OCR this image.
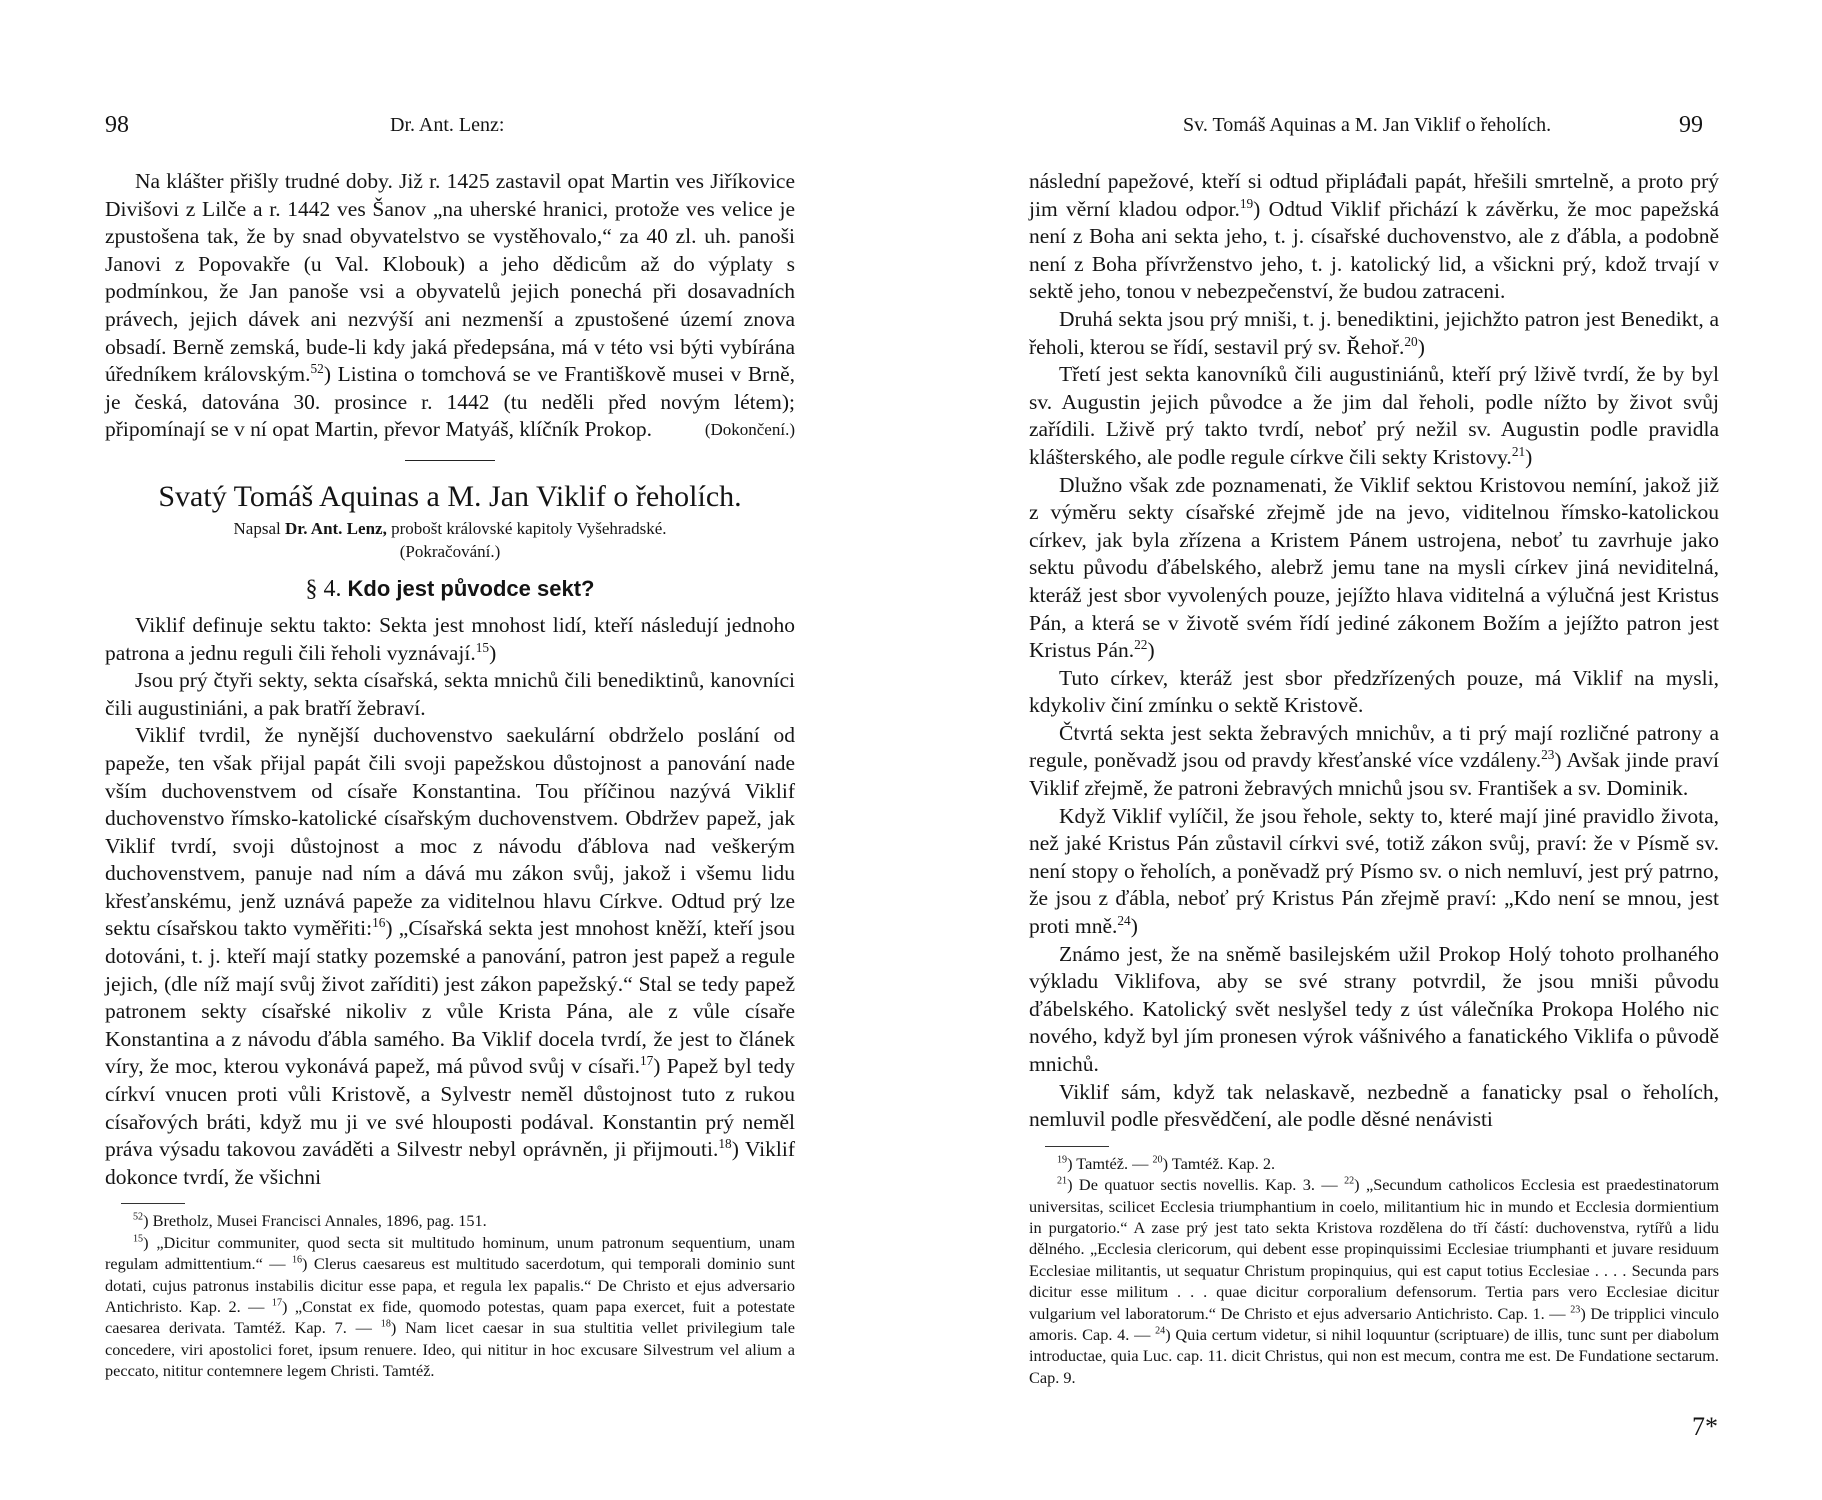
98	Dr. Ant. Lenz:

Na klášter přišly trudné doby. Již r. 1425 zastavil opat Martin ves Jiříkovice Divišovi z Lilče a r. 1442 ves Šanov „na uherské hranici, protože ves velice je zpustošena tak, že by snad obyvatelstvo se vystěhovalo,“ za 40 zl. uh. panoši Janovi z Popovakře (u Val. Klobouk) a jeho dědicům až do výplaty s podmínkou, že Jan panoše vsi a obyvatelů jejich ponechá při dosavadních právech, jejich dávek ani nezvýší ani nezmenší a zpustošené území znova obsadí. Berně zemská, bude-li kdy jaká předepsána, má v této vsi býti vybírána úředníkem královským.$^{52}$) Listina o tomchová se ve Františkově musei v Brně, je česká, datována 30. prosince r. 1442 (tu neděli před novým létem); připomínají se v ní opat Martin, převor Matyáš, klíčník Prokop.	(Dokončení.)

Svatý Tomáš Aquinas a M. Jan Viklif o řeholích.
Napsal Dr. Ant. Lenz, probošt královské kapitoly Vyšehradské.
(Pokračování.)
§ 4. Kdo jest původce sekt?

Viklif definuje sektu takto: Sekta jest mnohost lidí, kteří následují jednoho patrona a jednu reguli čili řeholi vyznávají.$^{15}$)

Jsou prý čtyři sekty, sekta císařská, sekta mnichů čili benediktinů, kanovníci čili augustiniáni, a pak bratří žebraví.

Viklif tvrdil, že nynější duchovenstvo saekulární obdrželo poslání od papeže, ten však přijal papát čili svoji papežskou důstojnost a panování nade vším duchovenstvem od císaře Konstantina. Tou příčinou nazývá Viklif duchovenstvo římsko-katolické císařským duchovenstvem. Obdržev papež, jak Viklif tvrdí, svoji důstojnost a moc z návodu ďáblova nad veškerým duchovenstvem, panuje nad ním a dává mu zákon svůj, jakož i všemu lidu křesťanskému, jenž uznává papeže za viditelnou hlavu Církve. Odtud prý lze sektu císařskou takto vyměřiti:$^{16}$) „Císařská sekta jest mnohost kněží, kteří jsou dotováni, t. j. kteří mají statky pozemské a panování, patron jest papež a regule jejich, (dle níž mají svůj život zaříditi) jest zákon papežský.“ Stal se tedy papež patronem sekty císařské nikoliv z vůle Krista Pána, ale z vůle císaře Konstantina a z návodu ďábla samého. Ba Viklif docela tvrdí, že jest to článek víry, že moc, kterou vykonává papež, má původ svůj v císaři.$^{17}$) Papež byl tedy církví vnucen proti vůli Kristově, a Sylvestr neměl důstojnost tuto z rukou císařových bráti, když mu ji ve své hlouposti podával. Konstantin prý neměl práva výsadu takovou zaváděti a Silvestr nebyl oprávněn, ji přijmouti.$^{18}$) Viklif dokonce tvrdí, že všichni

$^{52}$) Bretholz, Musei Francisci Annales, 1896, pag. 151.

$^{15}$) „Dicitur communiter, quod secta sit multitudo hominum, unum patronum sequentium, unam regulam admittentium.“ — $^{16}$) Clerus caesareus est multitudo sacerdotum, qui temporali dominio sunt dotati, cujus patronus instabilis dicitur esse papa, et regula lex papalis.“ De Christo et ejus adversario Antichristo. Kap. 2. — $^{17}$) „Constat ex fide, quomodo potestas, quam papa exercet, fuit a potestate caesarea derivata. Tamtéž. Kap. 7. — $^{18}$) Nam licet caesar in sua stultitia vellet privilegium tale concedere, viri apostolici foret, ipsum renuere. Ideo, qui nititur in hoc excusare Silvestrum vel alium a peccato, nititur contemnere legem Christi. Tamtéž.

Sv. Tomáš Aquinas a M. Jan Viklif o řeholích.	99

následní papežové, kteří si odtud připláđali papát, hřešili smrtelně, a proto prý jim věrní kladou odpor.$^{19}$) Odtud Viklif přichází k závěrku, že moc papežská není z Boha ani sekta jeho, t. j. císařské duchovenstvo, ale z ďábla, a podobně není z Boha přívrženstvo jeho, t. j. katolický lid, a všickni prý, kdož trvají v sektě jeho, tonou v nebezpečenství, že budou zatraceni.

Druhá sekta jsou prý mniši, t. j. benediktini, jejichžto patron jest Benedikt, a řeholi, kterou se řídí, sestavil prý sv. Řehoř.$^{20}$)

Třetí jest sekta kanovníků čili augustiniánů, kteří prý lživě tvrdí, že by byl sv. Augustin jejich původce a že jim dal řeholi, podle nížto by život svůj zařídili. Lživě prý takto tvrdí, neboť prý nežil sv. Augustin podle pravidla klášterského, ale podle regule církve čili sekty Kristovy.$^{21}$)

Dlužno však zde poznamenati, že Viklif sektou Kristovou nemíní, jakož již z výměru sekty císařské zřejmě jde na jevo, viditelnou římsko-katolickou církev, jak byla zřízena a Kristem Pánem ustrojena, neboť tu zavrhuje jako sektu původu ďábelského, alebrž jemu tane na mysli církev jiná neviditelná, kteráž jest sbor vyvolených pouze, jejížto hlava viditelná a výlučná jest Kristus Pán, a která se v životě svém řídí jediné zákonem Božím a jejížto patron jest Kristus Pán.$^{22}$)

Tuto církev, kteráž jest sbor předzřízených pouze, má Viklif na mysli, kdykoliv činí zmínku o sektě Kristově.

Čtvrtá sekta jest sekta žebravých mnichův, a ti prý mají rozličné patrony a regule, poněvadž jsou od pravdy křesťanské více vzdáleny.$^{23}$) Avšak jinde praví Viklif zřejmě, že patroni žebravých mnichů jsou sv. František a sv. Dominik.

Když Viklif vylíčil, že jsou řehole, sekty to, které mají jiné pravidlo života, než jaké Kristus Pán zůstavil církvi své, totiž zákon svůj, praví: že v Písmě sv. není stopy o řeholích, a poněvadž prý Písmo sv. o nich nemluví, jest prý patrno, že jsou z ďábla, neboť prý Kristus Pán zřejmě praví: „Kdo není se mnou, jest proti mně.$^{24}$)

Známo jest, že na sněmě basilejském užil Prokop Holý tohoto prolhaného výkladu Viklifova, aby se své strany potvrdil, že jsou mniši původu ďábelského. Katolický svět neslyšel tedy z úst válečníka Prokopa Holého nic nového, když byl jím pronesen výrok vášnivého a fanatického Viklifa o původě mnichů.

Viklif sám, když tak nelaskavě, nezbedně a fanaticky psal o řeholích, nemluvil podle přesvědčení, ale podle děsné nenávisti

$^{19}$) Tamtéž. — $^{20}$) Tamtéž. Kap. 2.

$^{21}$) De quatuor sectis novellis. Kap. 3. — $^{22}$) „Secundum catholicos Ecclesia est praedestinatorum universitas, scilicet Ecclesia triumphantium in coelo, militantium hic in mundo et Ecclesia dormientium in purgatorio.“ A zase prý jest tato sekta Kristova rozdělena do tří částí: duchovenstva, rytířů a lidu dělného. „Ecclesia clericorum, qui debent esse propinquissimi Ecclesiae triumphanti et juvare residuum Ecclesiae militantis, ut sequatur Christum propinquius, qui est caput totius Ecclesiae . . . . Secunda pars dicitur esse militum . . . quae dicitur corporalium defensorum. Tertia pars vero Ecclesiae dicitur vulgarium vel laboratorum.“ De Christo et ejus adversario Antichristo. Cap. 1. — $^{23}$) De tripplici vinculo amoris. Cap. 4. — $^{24}$) Quia certum videtur, si nihil loquuntur (scriptuare) de illis, tunc sunt per diabolum introductae, quia Luc. cap. 11. dicit Christus, qui non est mecum, contra me est. De Fundatione sectarum. Cap. 9.

7*
